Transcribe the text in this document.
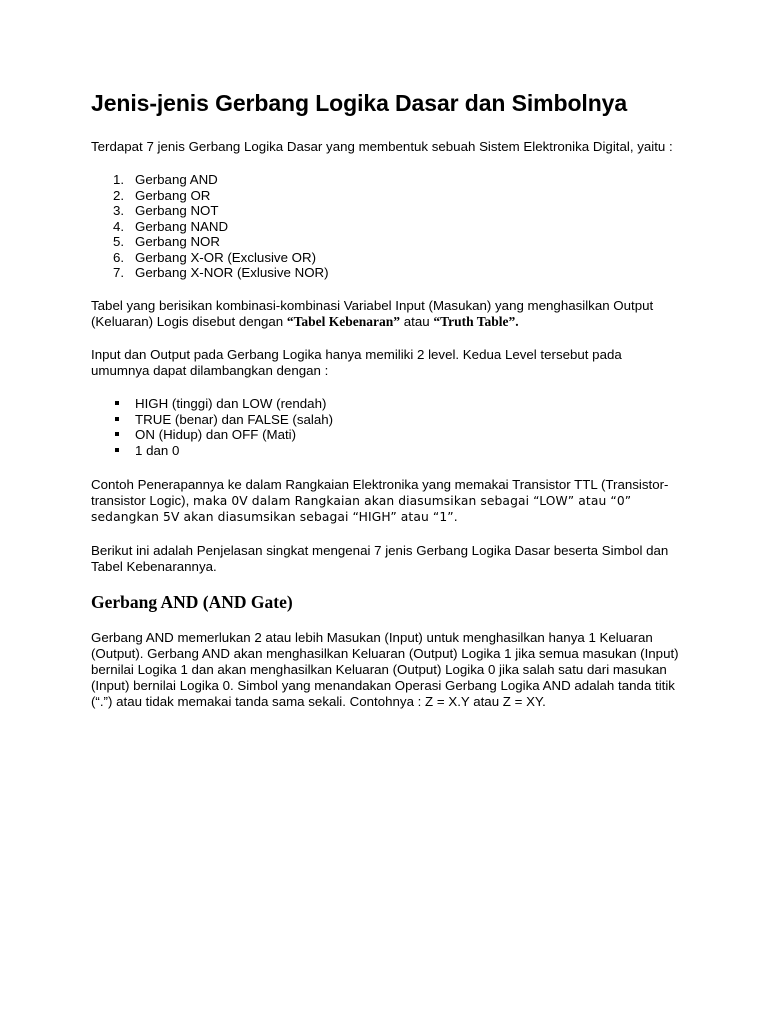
Jenis-jenis Gerbang Logika Dasar dan Simbolnya

Terdapat 7 jenis Gerbang Logika Dasar yang membentuk sebuah Sistem Elektronika Digital, yaitu :

1. Gerbang AND
2. Gerbang OR
3. Gerbang NOT
4. Gerbang NAND
5. Gerbang NOR
6. Gerbang X-OR (Exclusive OR)
7. Gerbang X-NOR (Exlusive NOR)

Tabel yang berisikan kombinasi-kombinasi Variabel Input (Masukan) yang menghasilkan Output
(Keluaran) Logis disebut dengan “Tabel Kebenaran” atau “Truth Table”.

Input dan Output pada Gerbang Logika hanya memiliki 2 level. Kedua Level tersebut pada umumnya dapat dilambangkan dengan :

HIGH (tinggi) dan LOW (rendah)
TRUE (benar) dan FALSE (salah)
ON (Hidup) dan OFF (Mati)
1 dan 0

Contoh Penerapannya ke dalam Rangkaian Elektronika yang memakai Transistor TTL (Transistor-transistor Logic), maka 0V dalam Rangkaian akan diasumsikan sebagai “LOW” atau “0” sedangkan 5V akan diasumsikan sebagai “HIGH” atau “1”.

Berikut ini adalah Penjelasan singkat mengenai 7 jenis Gerbang Logika Dasar beserta Simbol dan Tabel Kebenarannya.

Gerbang AND (AND Gate)

Gerbang AND memerlukan 2 atau lebih Masukan (Input) untuk menghasilkan hanya 1 Keluaran (Output). Gerbang AND akan menghasilkan Keluaran (Output) Logika 1 jika semua masukan (Input) bernilai Logika 1 dan akan menghasilkan Keluaran (Output) Logika 0 jika salah satu dari masukan (Input) bernilai Logika 0. Simbol yang menandakan Operasi Gerbang Logika AND adalah tanda titik (“.”) atau tidak memakai tanda sama sekali. Contohnya : Z = X.Y atau Z = XY.
